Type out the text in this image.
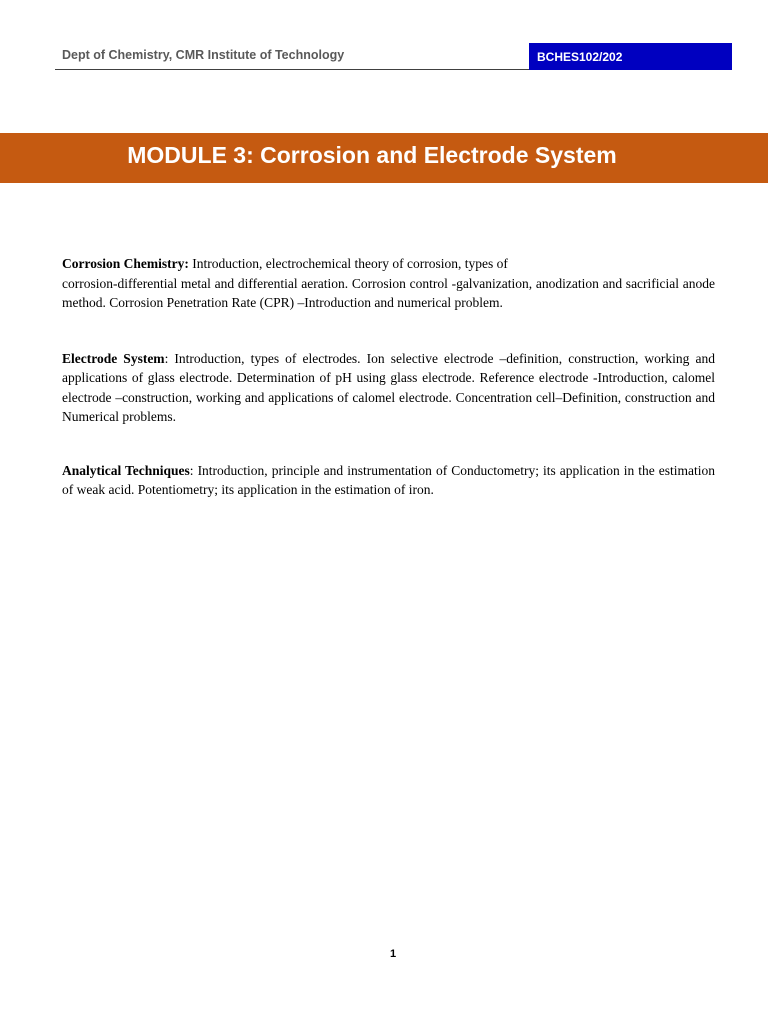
Dept of Chemistry, CMR Institute of Technology	BCHES102/202
MODULE 3: Corrosion and Electrode System

Corrosion Chemistry: Introduction, electrochemical theory of corrosion, types of
corrosion-differential metal and differential aeration. Corrosion control -galvanization, anodization and sacrificial anode method. Corrosion Penetration Rate (CPR) –Introduction and numerical problem.

Electrode System: Introduction, types of electrodes. Ion selective electrode –definition, construction, working and applications of glass electrode. Determination of pH using glass electrode. Reference electrode -Introduction, calomel electrode –construction, working and applications of calomel electrode. Concentration cell–Definition, construction and Numerical problems.

Analytical Techniques: Introduction, principle and instrumentation of Conductometry; its application in the estimation of weak acid. Potentiometry; its application in the estimation of iron.

1
